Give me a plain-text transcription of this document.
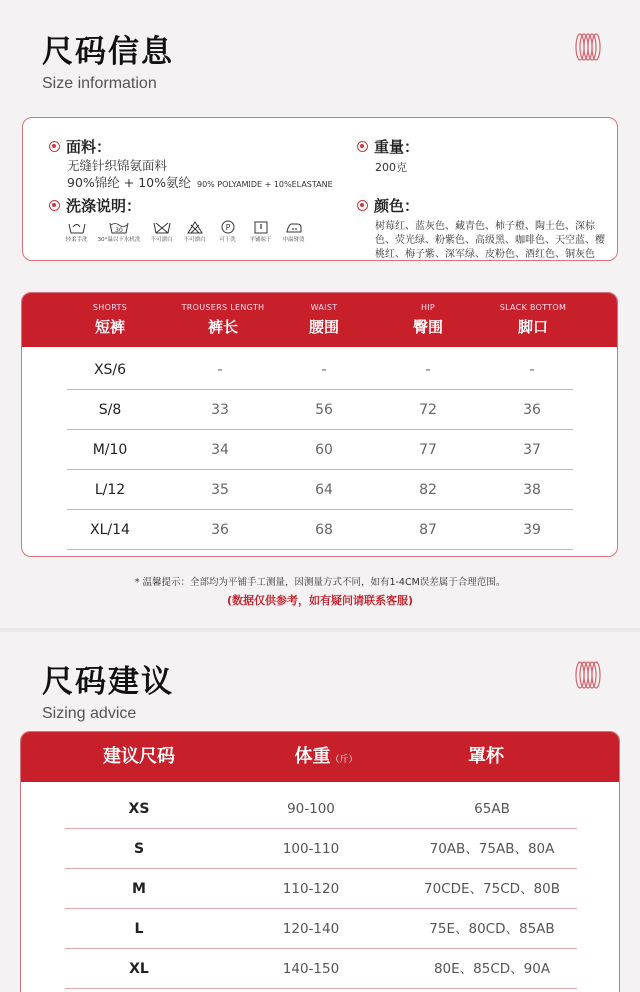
尺码信息
Size information
面料：
无缝针织锦氨面料
90%锦纶 + 10%氨纶 90% POLYAMIDE + 10%ELASTANE
洗涤说明：
轻柔手洗
30
30°温以下水机洗 不可漂白 不可漂白
P
可干洗 平铺晾干 中温熨烫
重量：
200克
颜色：
树莓红、蓝灰色、藏青色、柿子橙、陶土色、深棕色、荧光绿、粉紫色、高级黑、咖啡色、天空蓝、樱桃红、梅子紫、深军绿、皮粉色、酒红色、铜灰色
SHORTS
短裤
TROUSERS LENGTH
裤长
WAIST
腰围
HIP
臀围
SLACK BOTTOM
脚口
XS/6	-	-	-	-
S/8	33	56	72	36
M/10	34	60	77	37
L/12	35	64	82	38
XL/14	36	68	87	39
* 温馨提示：全部均为平铺手工测量，因测量方式不同，如有1-4CM误差属于合理范围。
(数据仅供参考，如有疑问请联系客服)
尺码建议
Sizing advice
建议尺码	体重（斤）	罩杯
XS	90-100	65AB
S	100-110	70AB、75AB、80A
M	110-120	70CDE、75CD、80B
L	120-140	75E、80CD、85AB
XL	140-150	80E、85CD、90A
